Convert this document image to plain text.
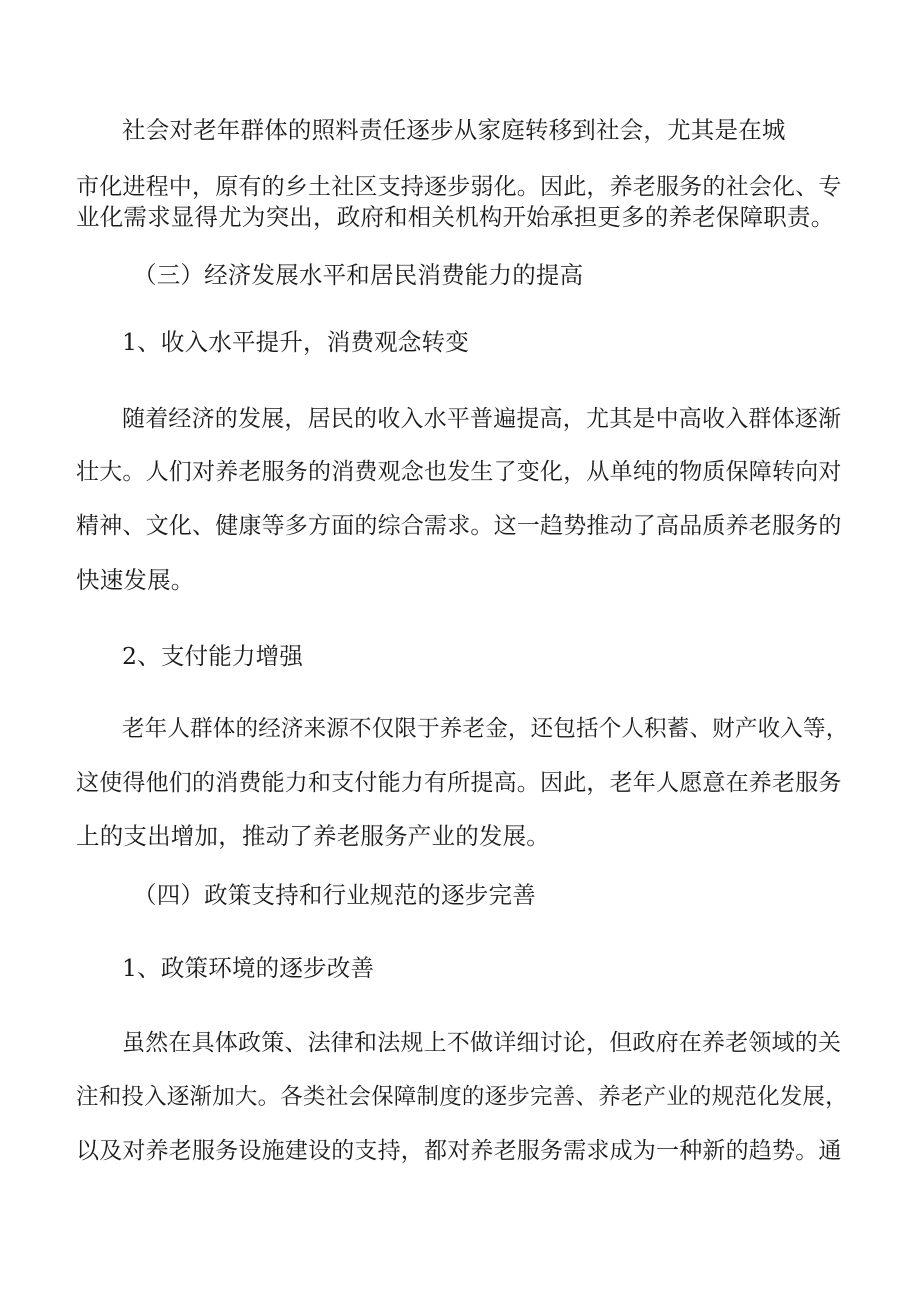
社会对老年群体的照料责任逐步从家庭转移到社会，尤其是在城
市化进程中，原有的乡土社区支持逐步弱化。因此，养老服务的社会化、专
业化需求显得尤为突出，政府和相关机构开始承担更多的养老保障职责。
（三）经济发展水平和居民消费能力的提高
1、收入水平提升，消费观念转变
随着经济的发展，居民的收入水平普遍提高，尤其是中高收入群体逐渐
壮大。人们对养老服务的消费观念也发生了变化，从单纯的物质保障转向对
精神、文化、健康等多方面的综合需求。这一趋势推动了高品质养老服务的
快速发展。
2、支付能力增强
老年人群体的经济来源不仅限于养老金，还包括个人积蓄、财产收入等，
这使得他们的消费能力和支付能力有所提高。因此，老年人愿意在养老服务
上的支出增加，推动了养老服务产业的发展。
（四）政策支持和行业规范的逐步完善
1、政策环境的逐步改善
虽然在具体政策、法律和法规上不做详细讨论，但政府在养老领域的关
注和投入逐渐加大。各类社会保障制度的逐步完善、养老产业的规范化发展，
以及对养老服务设施建设的支持，都对养老服务需求成为一种新的趋势。通
